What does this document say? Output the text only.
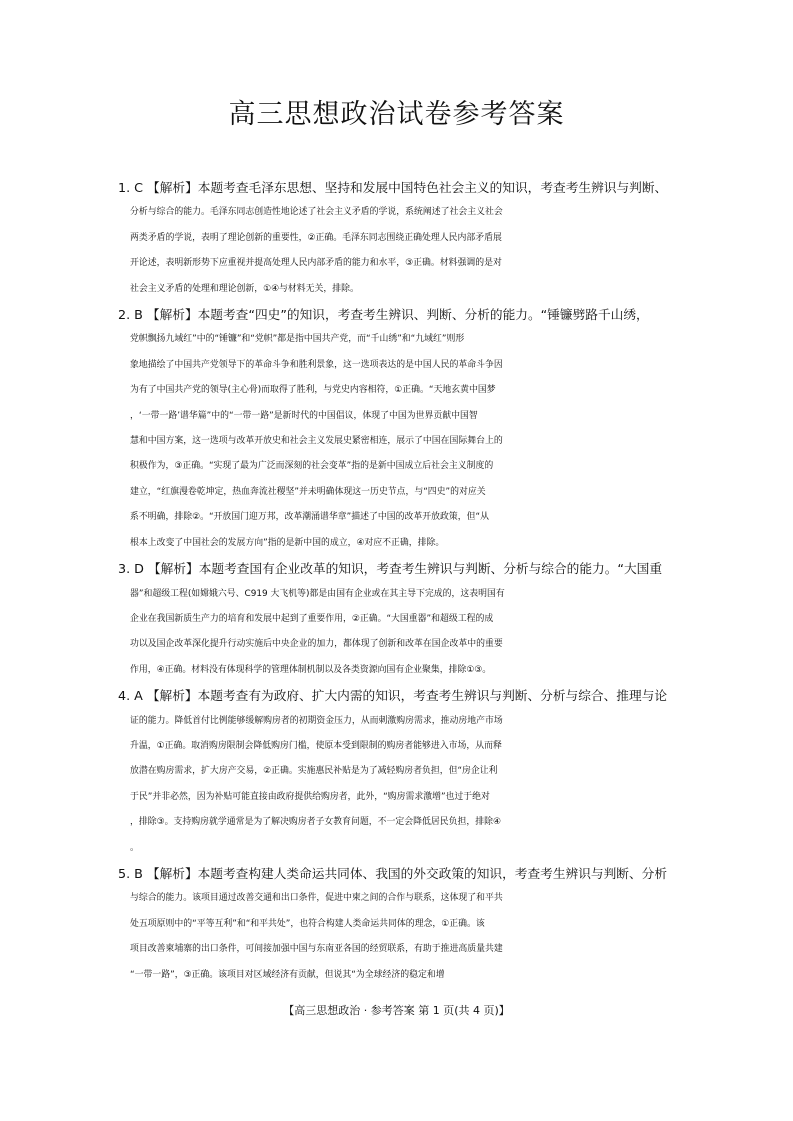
高三思想政治试卷参考答案
1. C 【解析】本题考查毛泽东思想、坚持和发展中国特色社会主义的知识，考查考生辨识与判断、
分析与综合的能力。毛泽东同志创造性地论述了社会主义矛盾的学说，系统阐述了社会主义社会
两类矛盾的学说，表明了理论创新的重要性，②正确。毛泽东同志围绕正确处理人民内部矛盾展
开论述，表明新形势下应重视并提高处理人民内部矛盾的能力和水平，③正确。材料强调的是对
社会主义矛盾的处理和理论创新，①④与材料无关，排除。
2. B 【解析】本题考查“四史”的知识，考查考生辨识、判断、分析的能力。“锤镰劈路千山绣，
党帜飘扬九域红”中的“锤镰”和“党帜”都是指中国共产党，而“千山绣”和“九域红”则形
象地描绘了中国共产党领导下的革命斗争和胜利景象，这一选项表达的是中国人民的革命斗争因
为有了中国共产党的领导(主心骨)而取得了胜利，与党史内容相符，①正确。“天地玄黄中国梦
，‘一带一路’谱华篇”中的“一带一路”是新时代的中国倡议，体现了中国为世界贡献中国智
慧和中国方案，这一选项与改革开放史和社会主义发展史紧密相连，展示了中国在国际舞台上的
积极作为，③正确。“实现了最为广泛而深刻的社会变革”指的是新中国成立后社会主义制度的
建立，“红旗漫卷乾坤定，热血奔流社稷坚”并未明确体现这一历史节点，与“四史”的对应关
系不明确，排除②。“开放国门迎万邦，改革潮涌谱华章”描述了中国的改革开放政策，但“从
根本上改变了中国社会的发展方向”指的是新中国的成立，④对应不正确，排除。
3. D 【解析】本题考查国有企业改革的知识，考查考生辨识与判断、分析与综合的能力。“大国重
器”和超级工程(如嫦娥六号、C919 大飞机等)都是由国有企业或在其主导下完成的，这表明国有
企业在我国新质生产力的培育和发展中起到了重要作用，②正确。“大国重器”和超级工程的成
功以及国企改革深化提升行动实施后中央企业的加力，都体现了创新和改革在国企改革中的重要
作用，④正确。材料没有体现科学的管理体制机制以及各类资源向国有企业聚集，排除①③。
4. A 【解析】本题考查有为政府、扩大内需的知识，考查考生辨识与判断、分析与综合、推理与论
证的能力。降低首付比例能够缓解购房者的初期资金压力，从而刺激购房需求，推动房地产市场
升温，①正确。取消购房限制会降低购房门槛，使原本受到限制的购房者能够进入市场，从而释
放潜在购房需求，扩大房产交易，②正确。实施惠民补贴是为了减轻购房者负担，但“房企让利
于民”并非必然，因为补贴可能直接由政府提供给购房者，此外，“购房需求激增”也过于绝对
，排除③。支持购房就学通常是为了解决购房者子女教育问题，不一定会降低居民负担，排除④
。
5. B 【解析】本题考查构建人类命运共同体、我国的外交政策的知识，考查考生辨识与判断、分析
与综合的能力。该项目通过改善交通和出口条件，促进中柬之间的合作与联系，这体现了和平共
处五项原则中的“平等互利”和“和平共处”，也符合构建人类命运共同体的理念，①正确。该
项目改善柬埔寨的出口条件，可间接加强中国与东南亚各国的经贸联系，有助于推进高质量共建
“一带一路”，③正确。该项目对区域经济有贡献，但说其“为全球经济的稳定和增
【高三思想政治 · 参考答案 第 1 页(共 4 页)】
